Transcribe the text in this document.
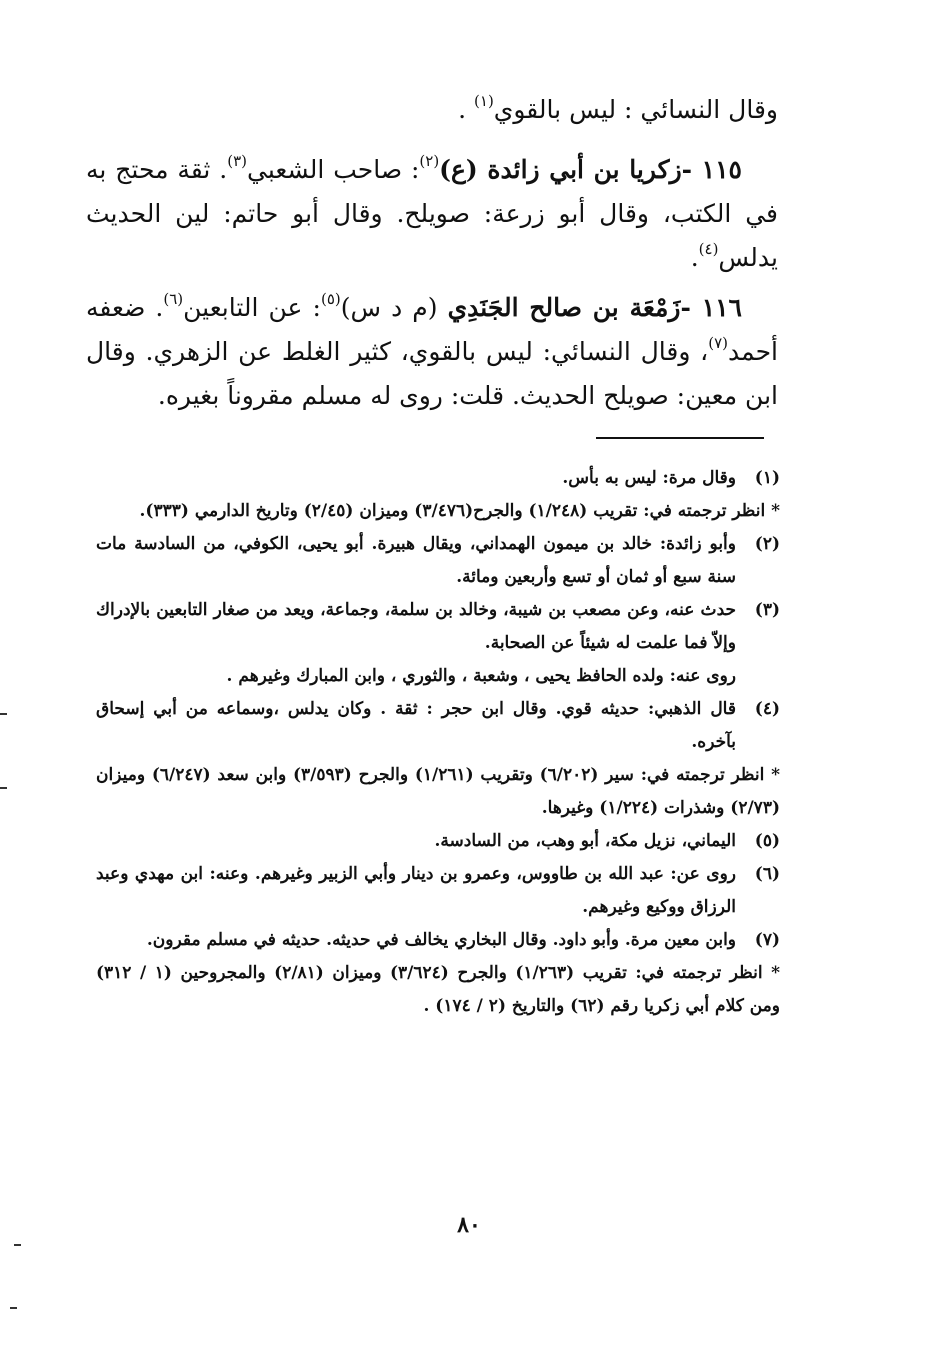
وقال النسائي : ليس بالقوي$^{(١)}$ .

١١٥ -زكريا بن أبي زائدة (ع)$^{(٢)}$: صاحب الشعبي$^{(٣)}$. ثقة محتج به في الكتب، وقال أبو زرعة: صويلح. وقال أبو حاتم: لين الحديث يدلس$^{(٤)}$.

١١٦ -زَمْعَة بن صالح الجَنَدِي (م د س)$^{(٥)}$: عن التابعين$^{(٦)}$. ضعفه أحمد$^{(٧)}$، وقال النسائي: ليس بالقوي، كثير الغلط عن الزهري. وقال ابن معين: صويلح الحديث. قلت: روى له مسلم مقروناً بغيره.

(١)
وقال مرة: ليس به بأس.

* انظر ترجمته في: تقريب (١/٢٤٨) والجرح(٣/٤٧٦) وميزان (٢/٤٥) وتاريخ الدارمي (٣٣٣).

(٢)
وأبو زائدة: خالد بن ميمون الهمداني، ويقال هبيرة. أبو يحيى، الكوفي، من السادسة مات سنة سبع أو ثمان أو تسع وأربعين ومائة.
(٣)
حدث عنه، وعن مصعب بن شيبة، وخالد بن سلمة، وجماعة، ويعد من صغار التابعين بالإدراك وإلاّ فما علمت له شيئاً عن الصحابة.

روى عنه: ولده الحافظ يحيى ، وشعبة ، والثوري ، وابن المبارك وغيرهم .

(٤)
قال الذهبي: حديثه قوي. وقال ابن حجر : ثقة . وكان يدلس ،وسماعه من أبي إسحاق بآخره.

* انظر ترجمته في: سير (٦/٢٠٢) وتقريب (١/٢٦١) والجرح (٣/٥٩٣) وابن سعد (٦/٢٤٧) وميزان (٢/٧٣) وشذرات (١/٢٢٤) وغيرها.

(٥)
اليماني، نزيل مكة، أبو وهب، من السادسة.
(٦)
روى عن: عبد الله بن طاووس، وعمرو بن دينار وأبي الزبير وغيرهم. وعنه: ابن مهدي وعبد الرزاق ووكيع وغيرهم.
(٧)
وابن معين مرة. وأبو داود. وقال البخاري يخالف في حديثه. حديثه في مسلم مقرون.

* انظر ترجمته في: تقريب (١/٢٦٣) والجرح (٣/٦٢٤) وميزان (٢/٨١) والمجروحين (١ / ٣١٢) ومن كلام أبي زكريا رقم (٦٢) والتاريخ (٢ / ١٧٤) .

٨٠
